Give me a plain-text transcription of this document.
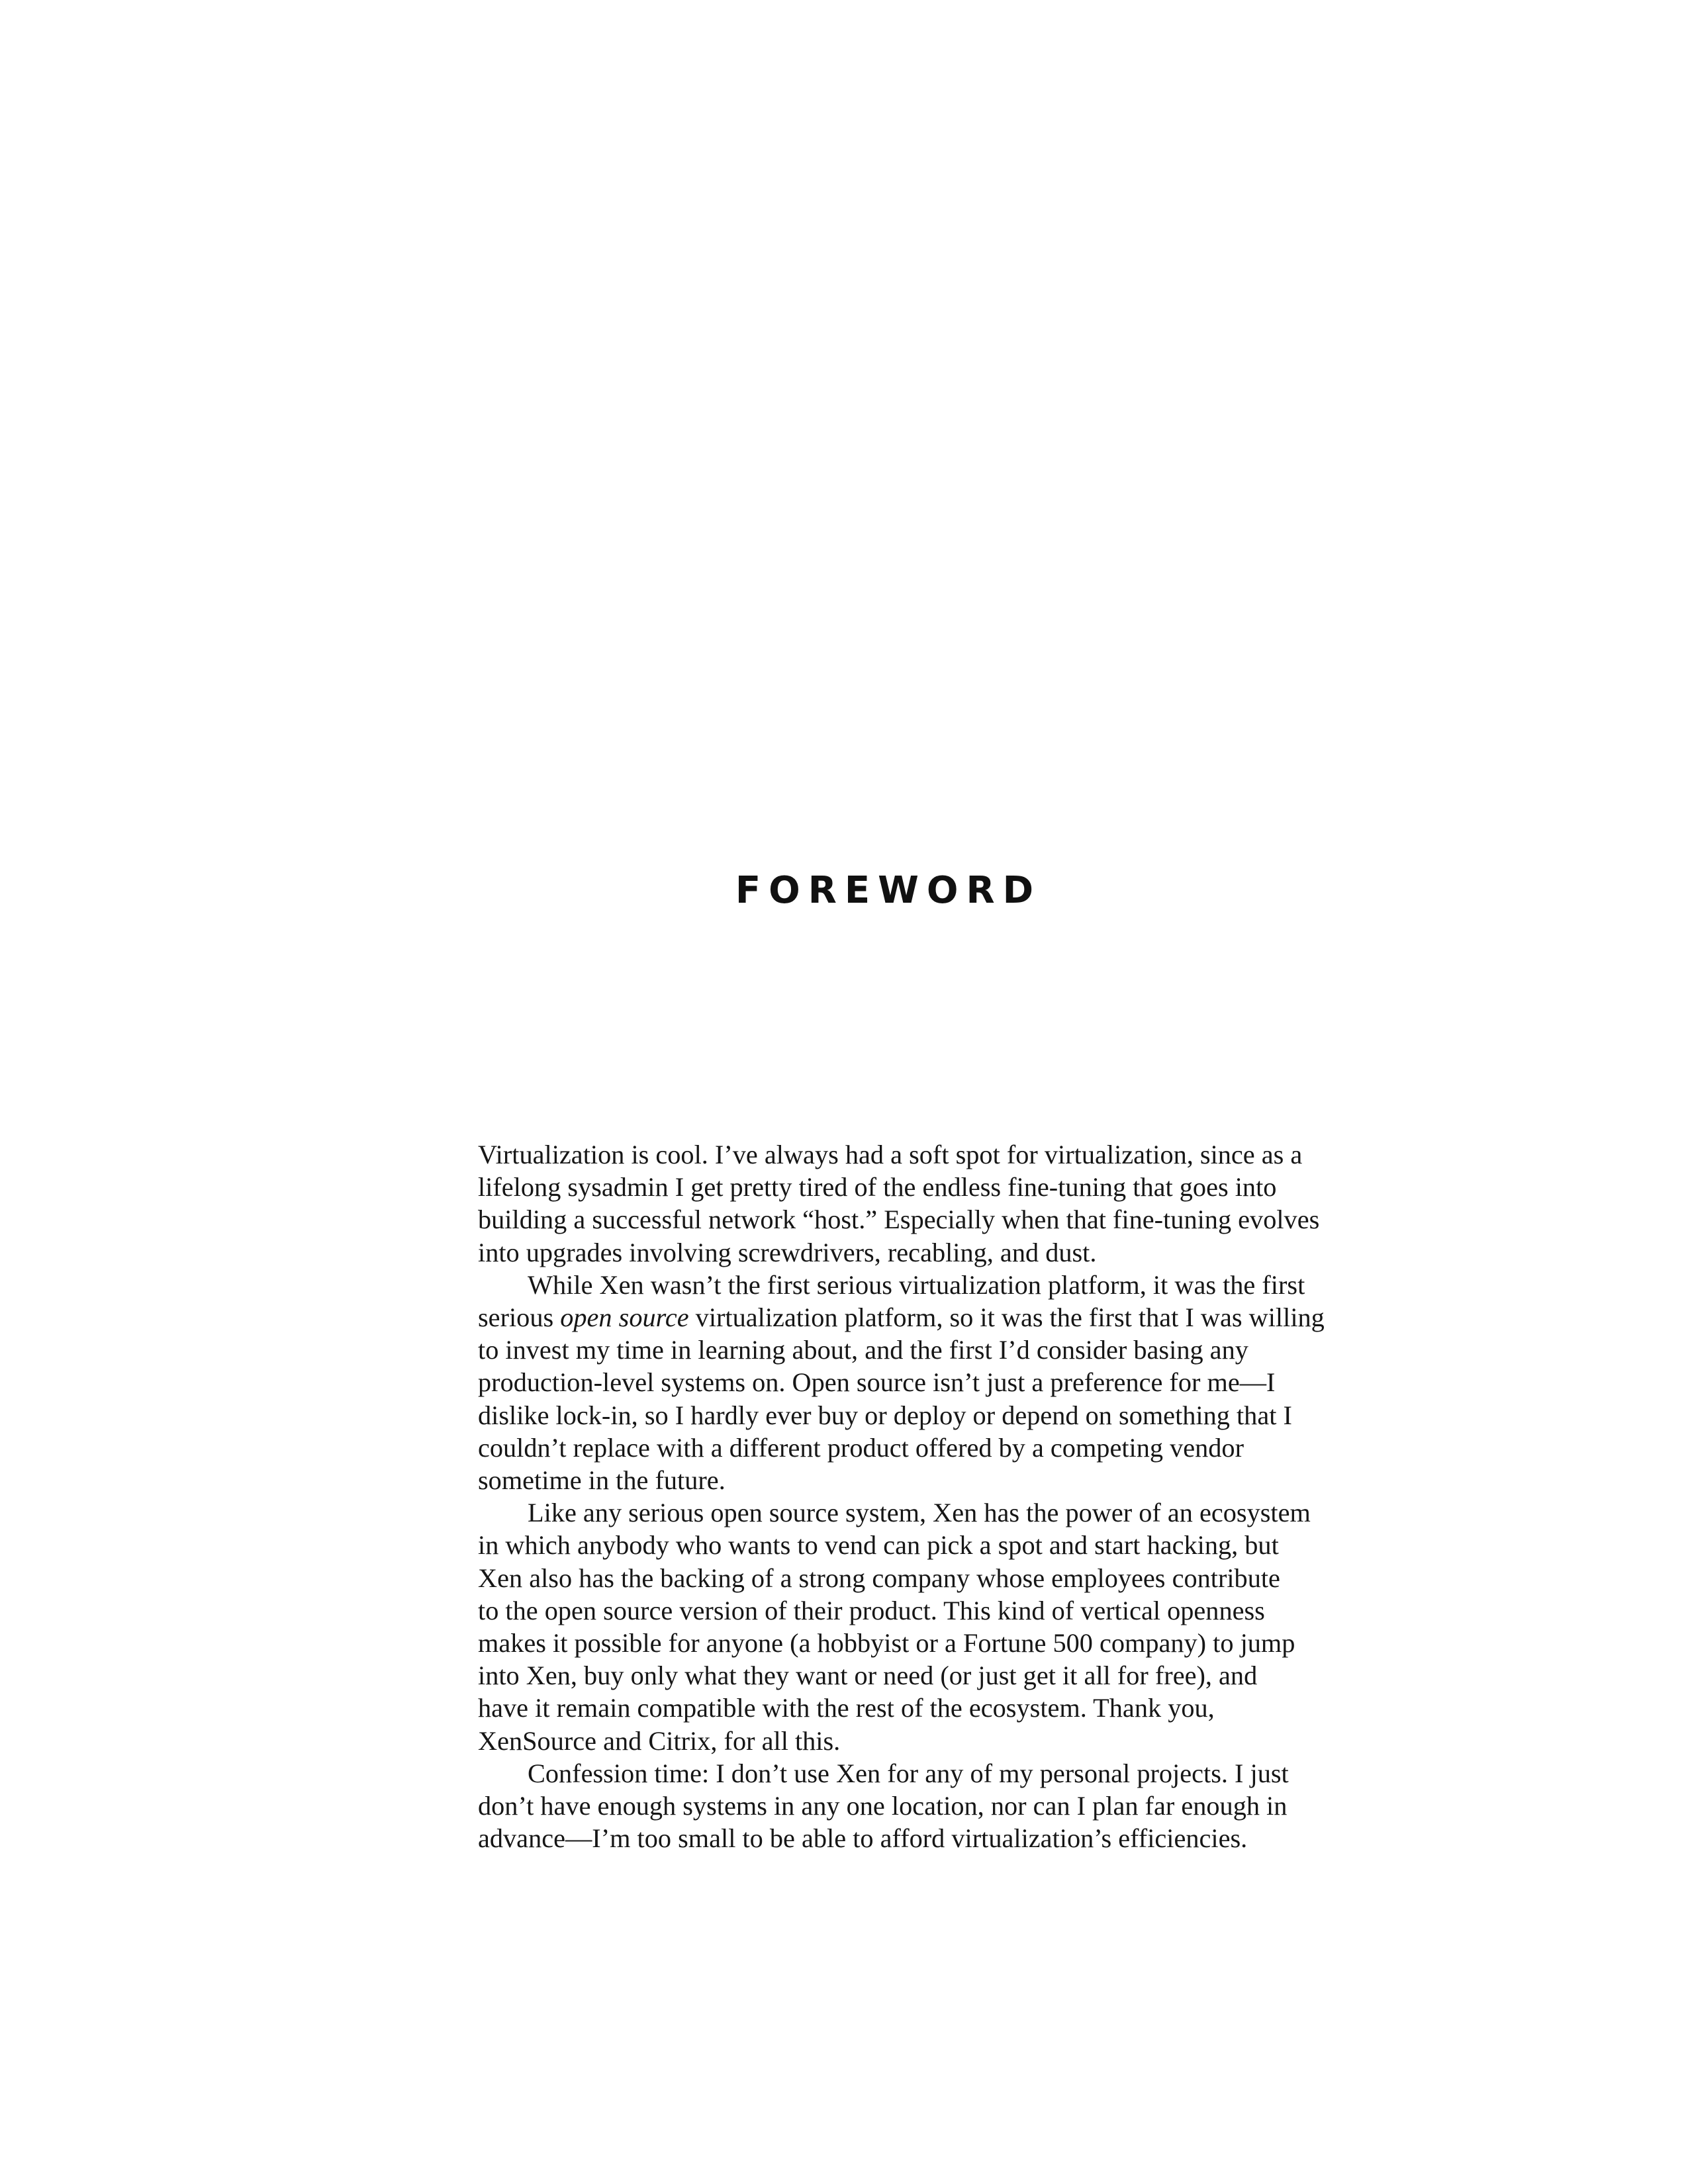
FOREWORD

Virtualization is cool. I’ve always had a soft spot for virtualization, since as a
lifelong sysadmin I get pretty tired of the endless fine-tuning that goes into
building a successful network “host.” Especially when that fine-tuning evolves
into upgrades involving screwdrivers, recabling, and dust.

While Xen wasn’t the first serious virtualization platform, it was the first
serious open source virtualization platform, so it was the first that I was willing
to invest my time in learning about, and the first I’d consider basing any
production-level systems on. Open source isn’t just a preference for me—I
dislike lock-in, so I hardly ever buy or deploy or depend on something that I
couldn’t replace with a different product offered by a competing vendor
sometime in the future.

Like any serious open source system, Xen has the power of an ecosystem
in which anybody who wants to vend can pick a spot and start hacking, but
Xen also has the backing of a strong company whose employees contribute
to the open source version of their product. This kind of vertical openness
makes it possible for anyone (a hobbyist or a Fortune 500 company) to jump
into Xen, buy only what they want or need (or just get it all for free), and
have it remain compatible with the rest of the ecosystem. Thank you,
XenSource and Citrix, for all this.

Confession time: I don’t use Xen for any of my personal projects. I just
don’t have enough systems in any one location, nor can I plan far enough in
advance—I’m too small to be able to afford virtualization’s efficiencies.
